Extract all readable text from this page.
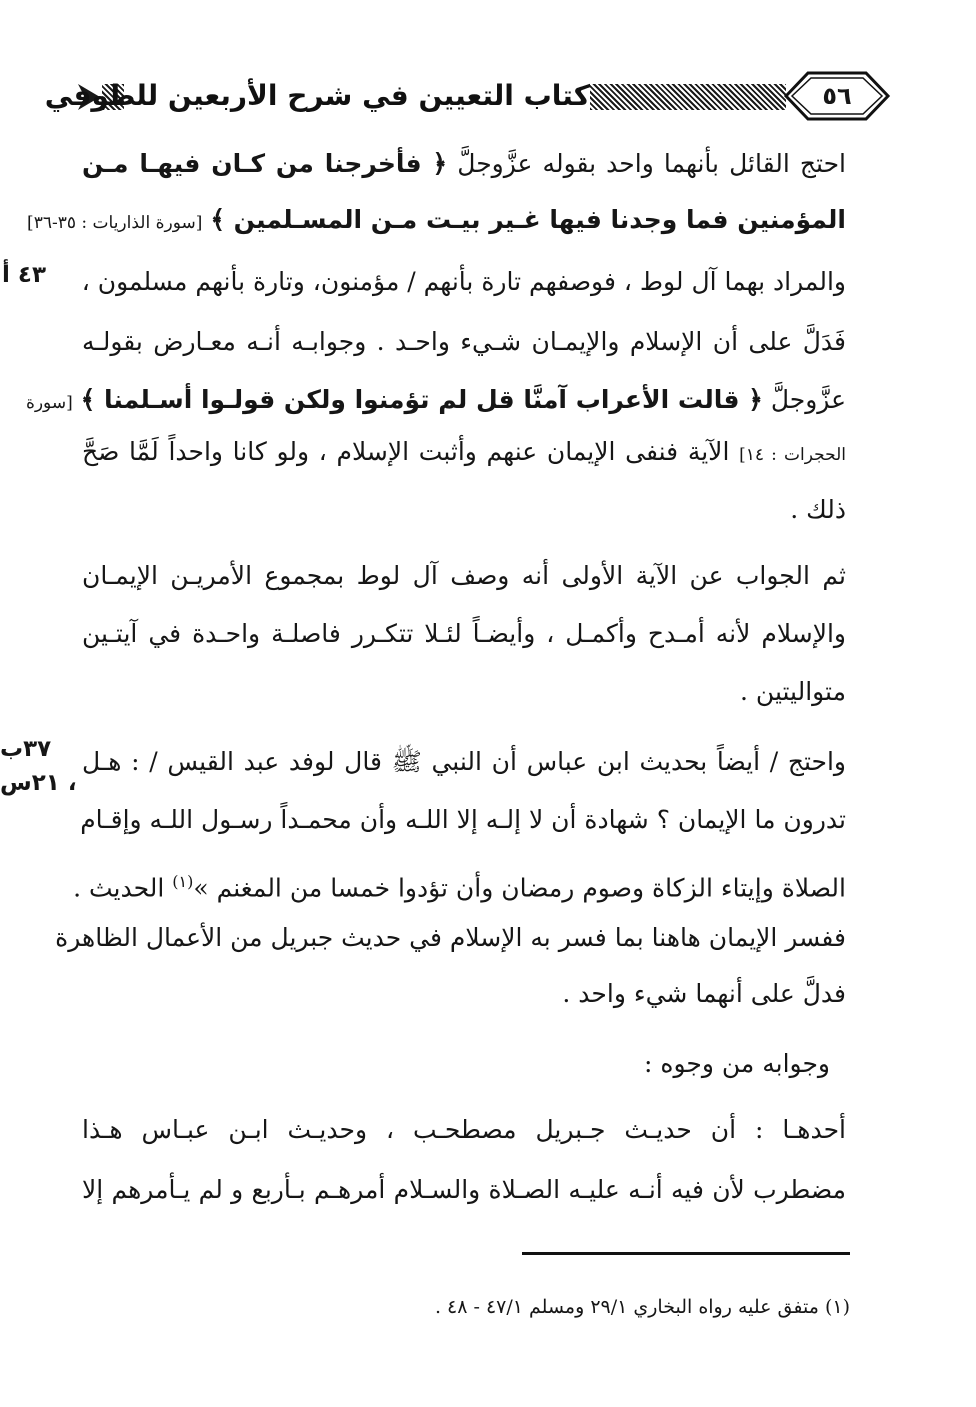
كتاب التعيين في شرح الأربعين للطوفي	٥٦
٤٣ أ
٣٧ب
، ٢١س
احتج القائل بأنهما واحد بقوله عزَّوجلَّ ﴿ فأخرجنا من كـان فيهـا مـن
المؤمنين فما وجدنا فيها غـير بيـت مـن المسـلمين ﴾ [سورة الذاريات : ٣٥-٣٦]
والمراد بهما آل لوط ، فوصفهم تارة بأنهم / مؤمنون، وتارة بأنهم مسلمون ،
فَدَلَّ على أن الإسلام والإيمـان شـيء واحـد . وجوابـه أنـه معـارض بقولـه
عزَّوجلَّ ﴿ قالت الأعراب آمنَّا قل لم تؤمنوا ولكن قولـوا أسـلمنا ﴾ [سورة
الحجرات : ١٤] الآية فنفى الإيمان عنهم وأثبت الإسلام ، ولو كانا واحداً لَمَّا صَحَّ
ذلك .
ثم الجواب عن الآية الأولى أنه وصف آل لوط بمجموع الأمريـن الإيمـان
والإسلام لأنه أمـدح وأكمـل ، وأيضـاً لئـلا تتكـرر فاصلـة واحـدة في آيتـين
متواليتين .
واحتج / أيضاً بحديث ابن عباس أن النبي ﷺ قال لوفد عبد القيس / : هـل
تدرون ما الإيمان ؟ شهادة أن لا إلـه إلا اللـه وأن محمـداً رسـول اللـه وإقـام
الصلاة وإيتاء الزكاة وصوم رمضان وأن تؤدوا خمسا من المغنم »$^{(١)}$ الحديث .
ففسر الإيمان هاهنا بما فسر به الإسلام في حديث جبريل من الأعمال الظاهرة
فدلَّ على أنهما شيء واحد .
وجوابه من وجوه :
أحدهـا : أن حديـث جـبريل مصطحـب ، وحديـث ابـن عبـاس هـذا
مضطرب لأن فيه أنـه عليـه الصـلاة والسـلام أمرهـم بـأربع و لم يـأمرهم إلا
(١) متفق عليه رواه البخاري ٢٩/١ ومسلم ٤٧/١ - ٤٨ .
